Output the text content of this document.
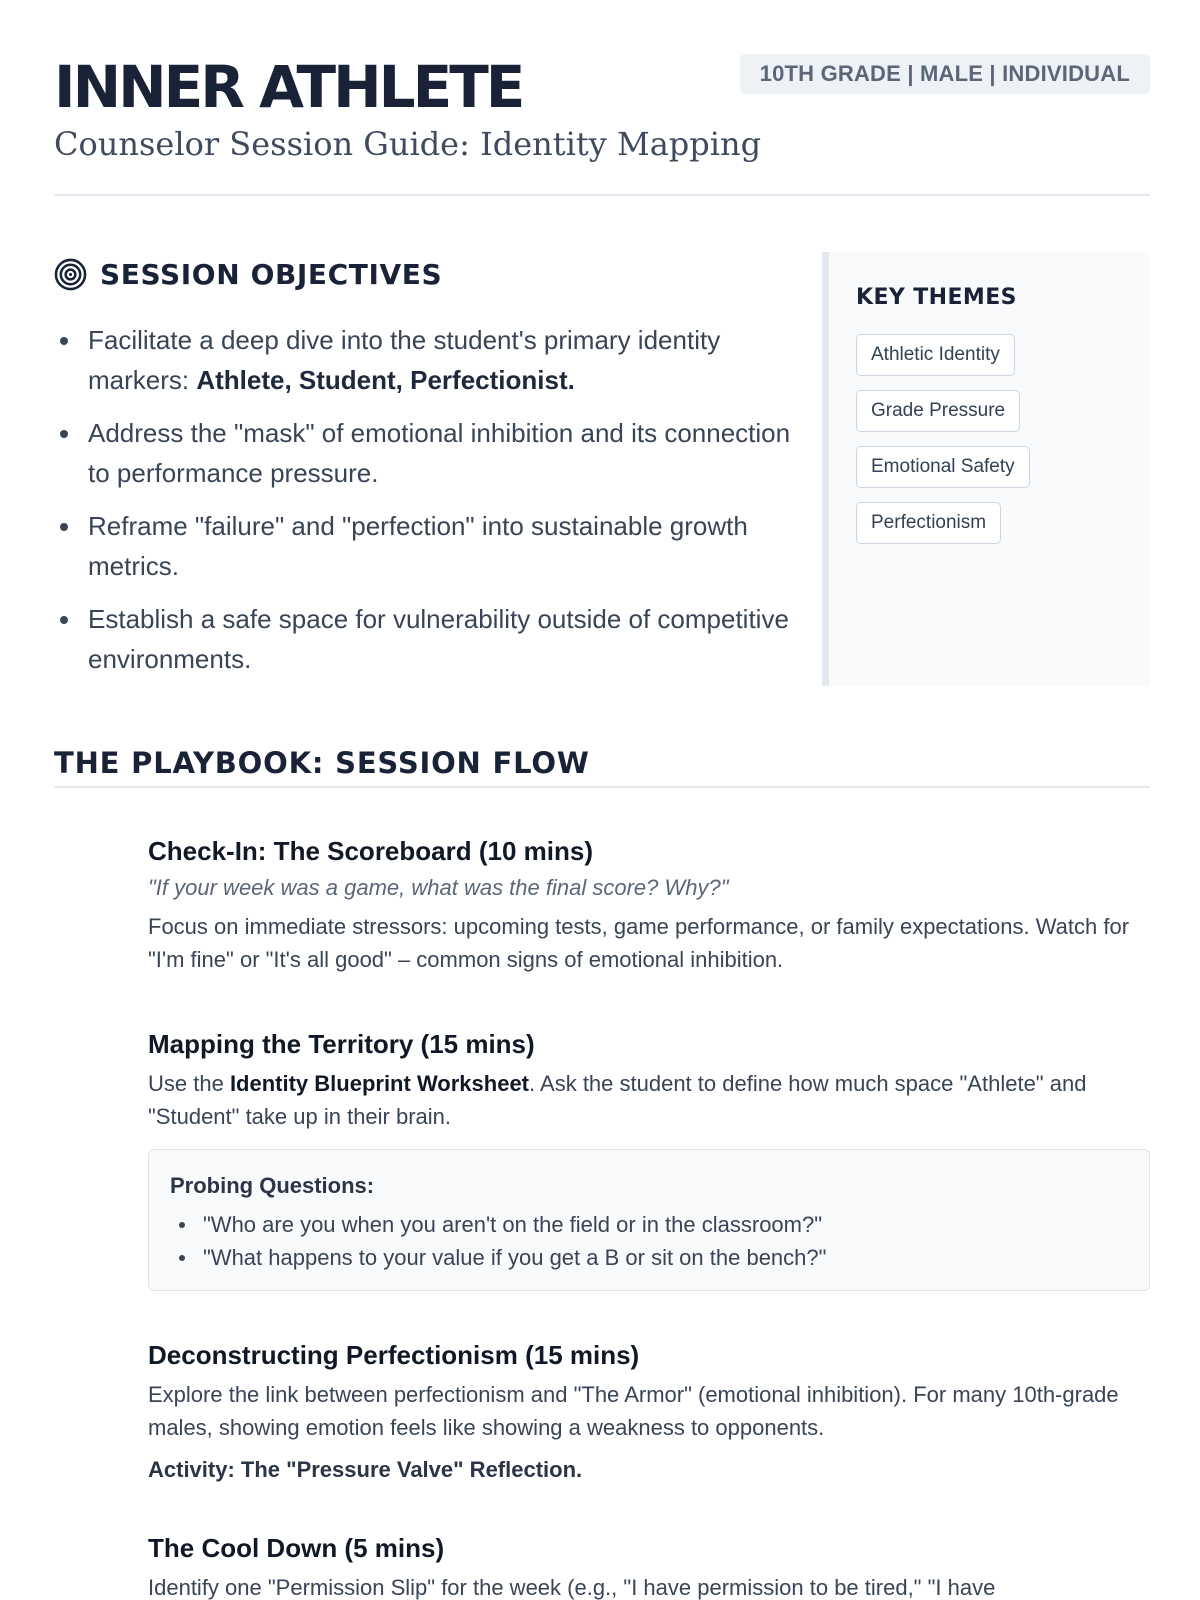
INNER ATHLETE
Counselor Session Guide: Identity Mapping
10TH GRADE | MALE | INDIVIDUAL
SESSION OBJECTIVES
Facilitate a deep dive into the student's primary identity markers: Athlete, Student, Perfectionist.
Address the "mask" of emotional inhibition and its connection to performance pressure.
Reframe "failure" and "perfection" into sustainable growth metrics.
Establish a safe space for vulnerability outside of competitive environments.
KEY THEMES
Athletic Identity
Grade Pressure
Emotional Safety
Perfectionism
THE PLAYBOOK: SESSION FLOW
Check-In: The Scoreboard (10 mins)
"If your week was a game, what was the final score? Why?"
Focus on immediate stressors: upcoming tests, game performance, or family expectations. Watch for "I'm fine" or "It's all good" – common signs of emotional inhibition.
Mapping the Territory (15 mins)
Use the Identity Blueprint Worksheet. Ask the student to define how much space "Athlete" and "Student" take up in their brain.
Probing Questions:
"Who are you when you aren't on the field or in the classroom?"
"What happens to your value if you get a B or sit on the bench?"
Deconstructing Perfectionism (15 mins)
Explore the link between perfectionism and "The Armor" (emotional inhibition). For many 10th-grade males, showing emotion feels like showing a weakness to opponents.
Activity: The "Pressure Valve" Reflection.
The Cool Down (5 mins)
Identify one "Permission Slip" for the week (e.g., "I have permission to be tired," "I have
